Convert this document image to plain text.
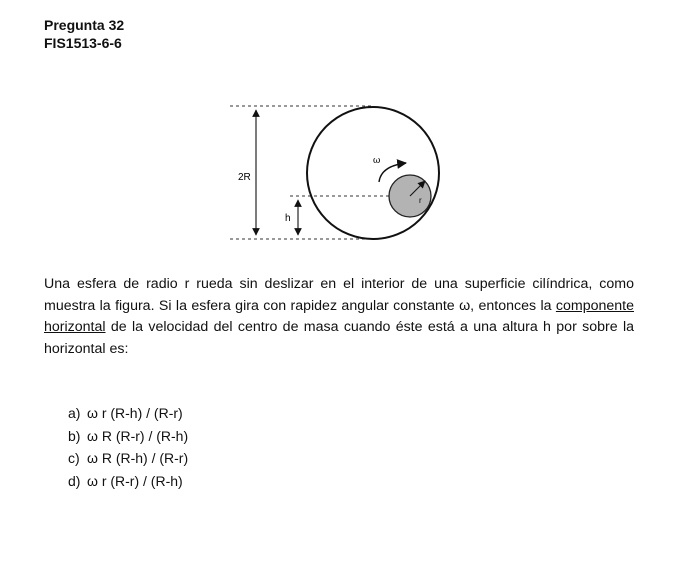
Pregunta 32
FIS1513-6-6
r
2R
h
ω

Una esfera de radio r rueda sin deslizar en el interior de una superficie cilíndrica, como muestra la figura. Si la esfera gira con rapidez angular constante ω, entonces la componente horizontal de la velocidad del centro de masa cuando éste está a una altura h por sobre la horizontal es:

a) ω r (R-h) / (R-r)
b) ω R (R-r) / (R-h)
c) ω R (R-h) / (R-r)
d) ω r (R-r) / (R-h)
